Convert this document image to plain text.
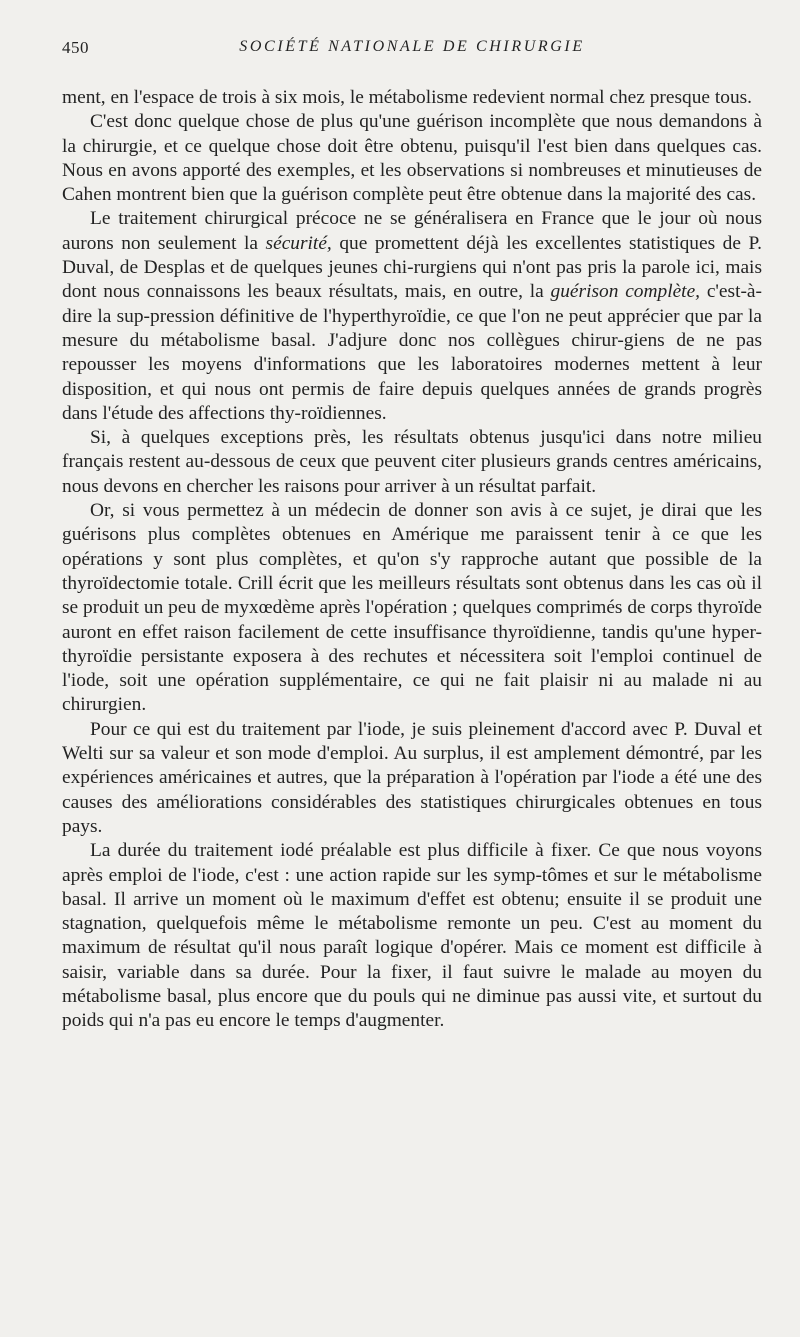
450	SOCIÉTÉ NATIONALE DE CHIRURGIE

ment, en l'espace de trois à six mois, le métabolisme redevient normal chez presque tous.

C'est donc quelque chose de plus qu'une guérison incomplète que nous demandons à la chirurgie, et ce quelque chose doit être obtenu, puisqu'il l'est bien dans quelques cas. Nous en avons apporté des exemples, et les observations si nombreuses et minutieuses de Cahen montrent bien que la guérison complète peut être obtenue dans la majorité des cas.

Le traitement chirurgical précoce ne se généralisera en France que le jour où nous aurons non seulement la sécurité, que promettent déjà les excellentes statistiques de P. Duval, de Desplas et de quelques jeunes chi-rurgiens qui n'ont pas pris la parole ici, mais dont nous connaissons les beaux résultats, mais, en outre, la guérison complète, c'est-à-dire la sup-pression définitive de l'hyperthyroïdie, ce que l'on ne peut apprécier que par la mesure du métabolisme basal. J'adjure donc nos collègues chirur-giens de ne pas repousser les moyens d'informations que les laboratoires modernes mettent à leur disposition, et qui nous ont permis de faire depuis quelques années de grands progrès dans l'étude des affections thy-roïdiennes.

Si, à quelques exceptions près, les résultats obtenus jusqu'ici dans notre milieu français restent au-dessous de ceux que peuvent citer plusieurs grands centres américains, nous devons en chercher les raisons pour arriver à un résultat parfait.

Or, si vous permettez à un médecin de donner son avis à ce sujet, je dirai que les guérisons plus complètes obtenues en Amérique me paraissent tenir à ce que les opérations y sont plus complètes, et qu'on s'y rapproche autant que possible de la thyroïdectomie totale. Crill écrit que les meilleurs résultats sont obtenus dans les cas où il se produit un peu de myxœdème après l'opération ; quelques comprimés de corps thyroïde auront en effet raison facilement de cette insuffisance thyroïdienne, tandis qu'une hyper-thyroïdie persistante exposera à des rechutes et nécessitera soit l'emploi continuel de l'iode, soit une opération supplémentaire, ce qui ne fait plaisir ni au malade ni au chirurgien.

Pour ce qui est du traitement par l'iode, je suis pleinement d'accord avec P. Duval et Welti sur sa valeur et son mode d'emploi. Au surplus, il est amplement démontré, par les expériences américaines et autres, que la préparation à l'opération par l'iode a été une des causes des améliorations considérables des statistiques chirurgicales obtenues en tous pays.

La durée du traitement iodé préalable est plus difficile à fixer. Ce que nous voyons après emploi de l'iode, c'est : une action rapide sur les symp-tômes et sur le métabolisme basal. Il arrive un moment où le maximum d'effet est obtenu; ensuite il se produit une stagnation, quelquefois même le métabolisme remonte un peu. C'est au moment du maximum de résultat qu'il nous paraît logique d'opérer. Mais ce moment est difficile à saisir, variable dans sa durée. Pour la fixer, il faut suivre le malade au moyen du métabolisme basal, plus encore que du pouls qui ne diminue pas aussi vite, et surtout du poids qui n'a pas eu encore le temps d'augmenter.
